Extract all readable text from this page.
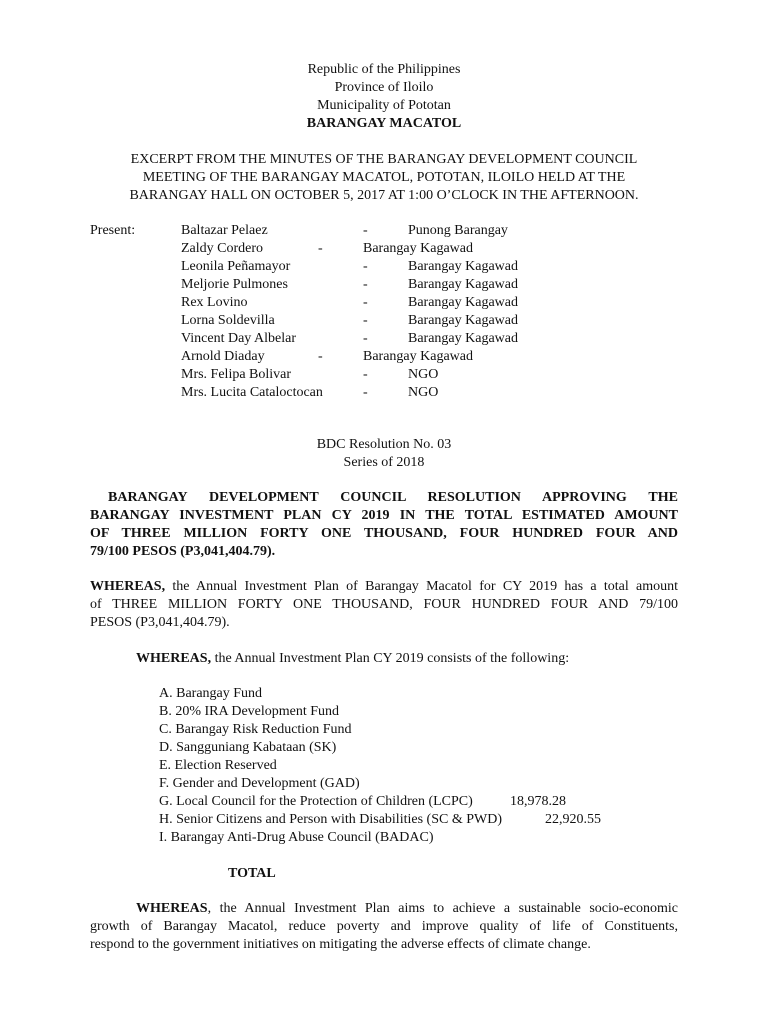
Republic of the Philippines
Province of Iloilo
Municipality of Pototan
BARANGAY MACATOL
EXCERPT FROM THE MINUTES OF THE BARANGAY DEVELOPMENT COUNCIL
MEETING OF THE BARANGAY MACATOL, POTOTAN, ILOILO HELD AT THE
BARANGAY HALL ON OCTOBER 5, 2017 AT 1:00 O’CLOCK IN THE AFTERNOON.
Present:	Baltazar Pelaez	-	Punong Barangay
Zaldy Cordero	-	Barangay Kagawad
Leonila Peñamayor	-	Barangay Kagawad
Meljorie Pulmones	-	Barangay Kagawad
Rex Lovino	-	Barangay Kagawad
Lorna Soldevilla	-	Barangay Kagawad
Vincent Day Albelar	-	Barangay Kagawad
Arnold Diaday	-	Barangay Kagawad
Mrs. Felipa Bolivar	-	NGO
Mrs. Lucita Cataloctocan	-	NGO
BDC Resolution No. 03
Series of 2018
BARANGAY DEVELOPMENT COUNCIL RESOLUTION APPROVING THE
BARANGAY INVESTMENT PLAN CY 2019 IN THE TOTAL ESTIMATED AMOUNT
OF THREE MILLION FORTY ONE THOUSAND, FOUR HUNDRED FOUR AND
79/100 PESOS (P3,041,404.79).
WHEREAS, the Annual Investment Plan of Barangay Macatol for CY 2019 has a total amount
of THREE MILLION FORTY ONE THOUSAND, FOUR HUNDRED FOUR AND 79/100
PESOS (P3,041,404.79).
WHEREAS, the Annual Investment Plan CY 2019 consists of the following:
A. Barangay Fund
B. 20% IRA Development Fund
C. Barangay Risk Reduction Fund
D. Sangguniang Kabataan (SK)
E. Election Reserved
F. Gender and Development (GAD)
G. Local Council for the Protection of Children (LCPC)	18,978.28
H. Senior Citizens and Person with Disabilities (SC & PWD)	22,920.55
I. Barangay Anti-Drug Abuse Council (BADAC)
TOTAL
WHEREAS, the Annual Investment Plan aims to achieve a sustainable socio-economic
growth of Barangay Macatol, reduce poverty and improve quality of life of Constituents,
respond to the government initiatives on mitigating the adverse effects of climate change.
